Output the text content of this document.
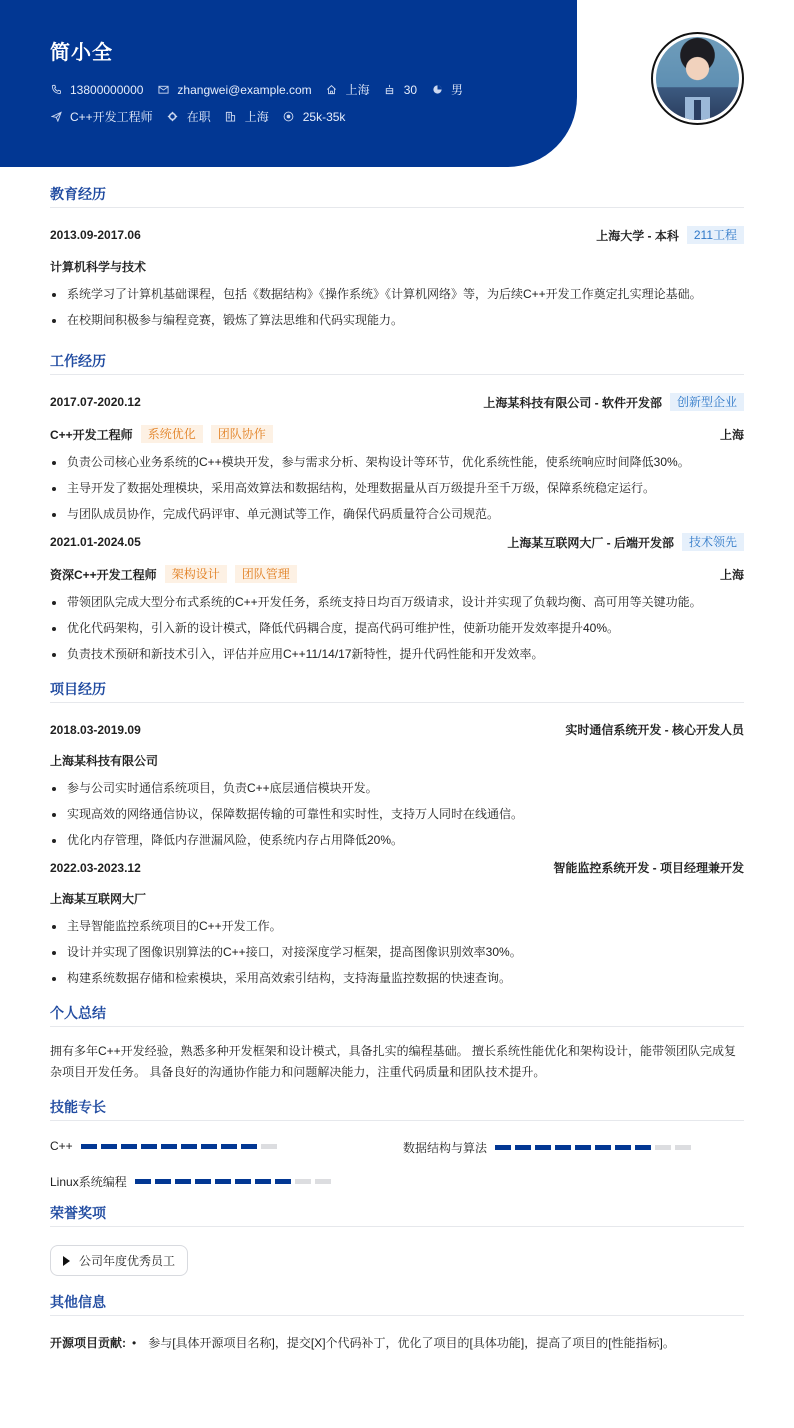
简小全
13800000000	zhangwei@example.com	上海	30	男
C++开发工程师	在职	上海	25k-35k
教育经历
2013.09-2017.06	上海大学 - 本科	211工程
计算机科学与技术
系统学习了计算机基础课程，包括《数据结构》《操作系统》《计算机网络》等，为后续C++开发工作奠定扎实理论基础。
在校期间积极参与编程竞赛，锻炼了算法思维和代码实现能力。
工作经历
2017.07-2020.12	上海某科技有限公司 - 软件开发部	创新型企业
C++开发工程师	系统优化	团队协作	上海
负责公司核心业务系统的C++模块开发，参与需求分析、架构设计等环节，优化系统性能，使系统响应时间降低30%。
主导开发了数据处理模块，采用高效算法和数据结构，处理数据量从百万级提升至千万级，保障系统稳定运行。
与团队成员协作，完成代码评审、单元测试等工作，确保代码质量符合公司规范。
2021.01-2024.05	上海某互联网大厂 - 后端开发部	技术领先
资深C++开发工程师	架构设计	团队管理	上海
带领团队完成大型分布式系统的C++开发任务，系统支持日均百万级请求，设计并实现了负载均衡、高可用等关键功能。
优化代码架构，引入新的设计模式，降低代码耦合度，提高代码可维护性，使新功能开发效率提升40%。
负责技术预研和新技术引入，评估并应用C++11/14/17新特性，提升代码性能和开发效率。
项目经历
2018.03-2019.09	实时通信系统开发 - 核心开发人员
上海某科技有限公司
参与公司实时通信系统项目，负责C++底层通信模块开发。
实现高效的网络通信协议，保障数据传输的可靠性和实时性，支持万人同时在线通信。
优化内存管理，降低内存泄漏风险，使系统内存占用降低20%。
2022.03-2023.12	智能监控系统开发 - 项目经理兼开发
上海某互联网大厂
主导智能监控系统项目的C++开发工作。
设计并实现了图像识别算法的C++接口，对接深度学习框架，提高图像识别效率30%。
构建系统数据存储和检索模块，采用高效索引结构，支持海量监控数据的快速查询。
个人总结

拥有多年C++开发经验，熟悉多种开发框架和设计模式，具备扎实的编程基础。 擅长系统性能优化和架构设计，能带领团队完成复杂项目开发任务。 具备良好的沟通协作能力和问题解决能力，注重代码质量和团队技术提升。

技能专长
C++	数据结构与算法
Linux系统编程
荣誉奖项
公司年度优秀员工
其他信息
开源项目贡献: • 参与[具体开源项目名称]，提交[X]个代码补丁，优化了项目的[具体功能]，提高了项目的[性能指标]。
